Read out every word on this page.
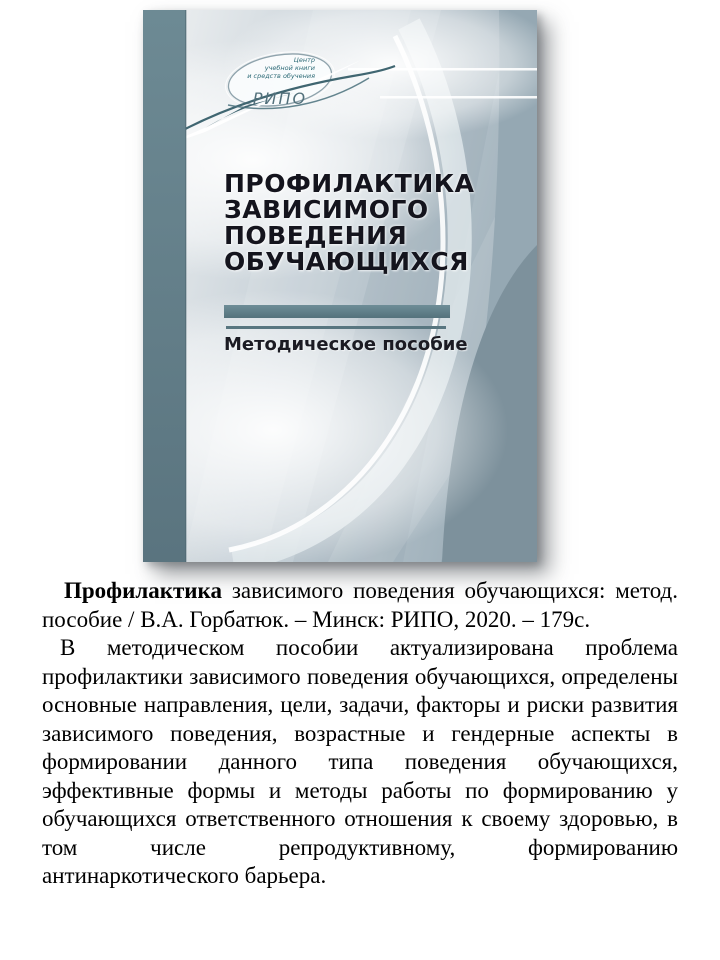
Центр
учебной книги
и средств обучения
РИПО
ПРОФИЛАКТИКА
ЗАВИСИМОГО
ПОВЕДЕНИЯ
ОБУЧАЮЩИХСЯ
Методическое пособие

Профилактика зависимого поведения обучающихся: метод. пособие / В.А. Горбатюк. – Минск: РИПО, 2020. – 179с.

В методическом пособии актуализирована проблема профилактики зависимого поведения обучающихся, определены основные направления, цели, задачи, факторы и риски развития зависимого поведения, возрастные и гендерные аспекты в формировании данного типа поведения обучающихся, эффективные формы и методы работы по формированию у обучающихся ответственного отношения к своему здоровью, в том числе репродуктивному, формированию антинаркотического барьера.
